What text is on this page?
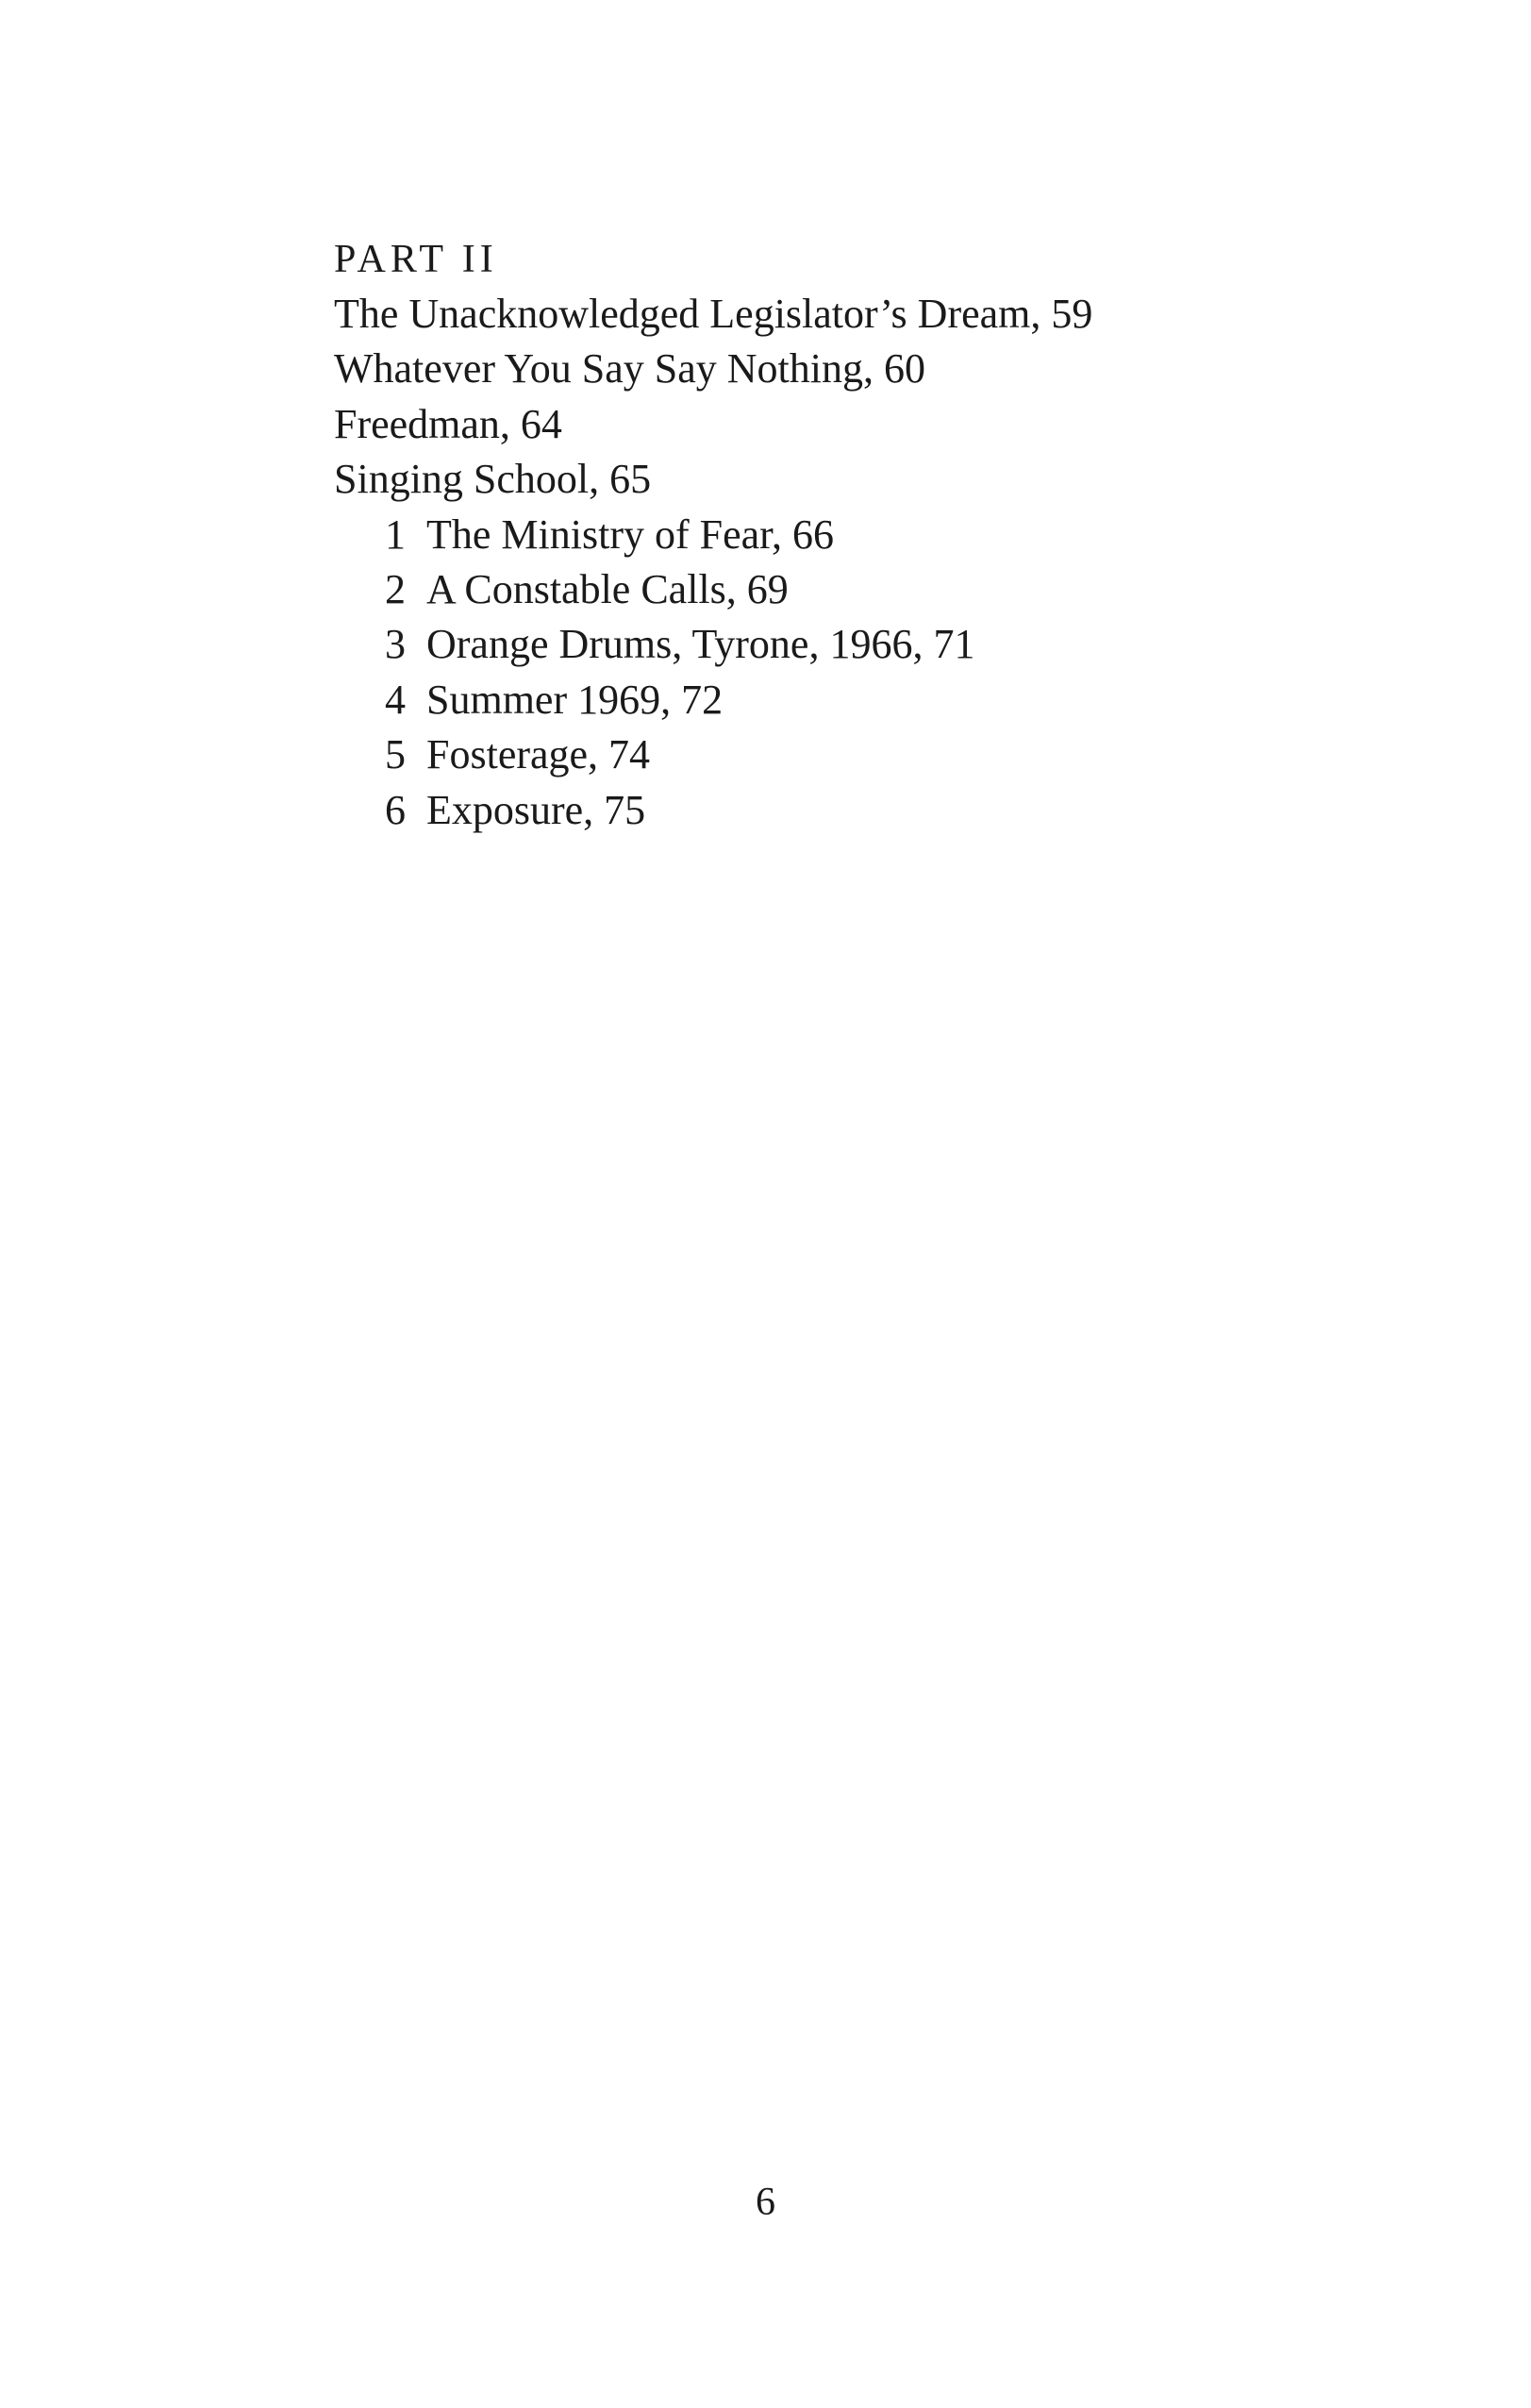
PART II
The Unacknowledged Legislator’s Dream, 59
Whatever You Say Say Nothing, 60
Freedman, 64
Singing School, 65
1 The Ministry of Fear, 66
2 A Constable Calls, 69
3 Orange Drums, Tyrone, 1966, 71
4 Summer 1969, 72
5 Fosterage, 74
6 Exposure, 75
6
